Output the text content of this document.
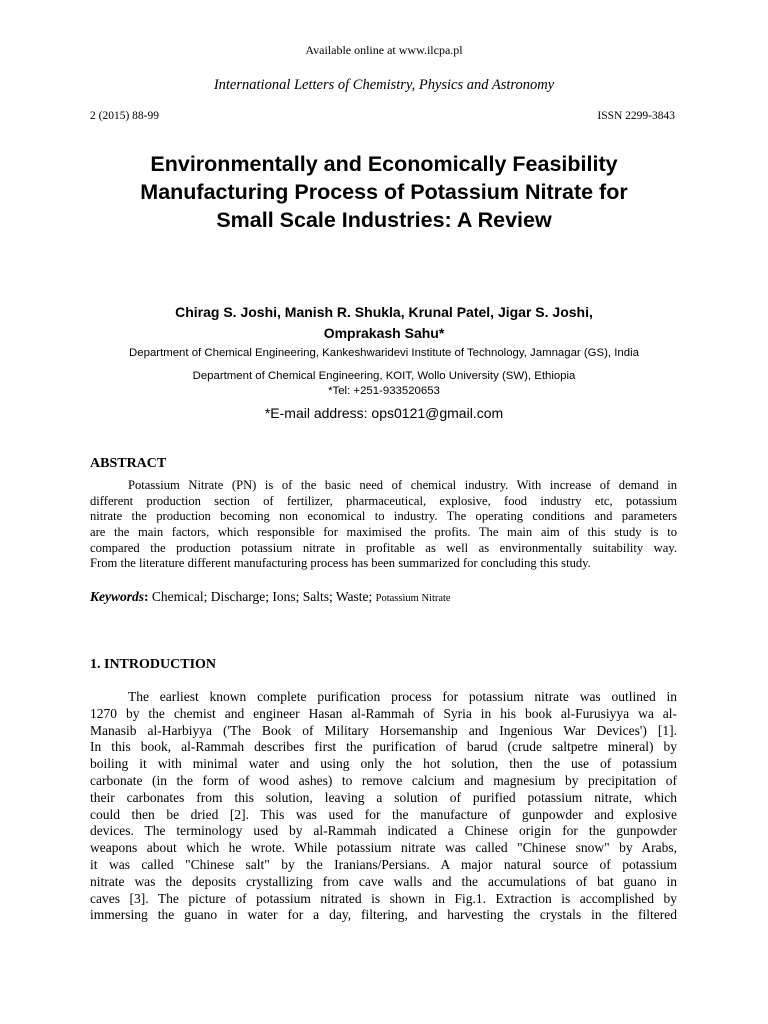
Available online at www.ilcpa.pl
International Letters of Chemistry, Physics and Astronomy
2 (2015) 88-99	ISSN 2299-3843
Environmentally and Economically Feasibility
Manufacturing Process of Potassium Nitrate for
Small Scale Industries: A Review
Chirag S. Joshi, Manish R. Shukla, Krunal Patel, Jigar S. Joshi,
Omprakash Sahu*
Department of Chemical Engineering, Kankeshwaridevi Institute of Technology, Jamnagar (GS), India
Department of Chemical Engineering, KOIT, Wollo University (SW), Ethiopia
*Tel: +251-933520653
*E-mail address: ops0121@gmail.com
ABSTRACT
Potassium Nitrate (PN) is of the basic need of chemical industry. With increase of demand in
different production section of fertilizer, pharmaceutical, explosive, food industry etc, potassium
nitrate the production becoming non economical to industry. The operating conditions and parameters
are the main factors, which responsible for maximised the profits. The main aim of this study is to
compared the production potassium nitrate in profitable as well as environmentally suitability way.
From the literature different manufacturing process has been summarized for concluding this study.
Keywords: Chemical; Discharge; Ions; Salts; Waste; Potassium Nitrate
1. INTRODUCTION
The earliest known complete purification process for potassium nitrate was outlined in
1270 by the chemist and engineer Hasan al-Rammah of Syria in his book al-Furusiyya wa al-
Manasib al-Harbiyya ('The Book of Military Horsemanship and Ingenious War Devices') [1].
In this book, al-Rammah describes first the purification of barud (crude saltpetre mineral) by
boiling it with minimal water and using only the hot solution, then the use of potassium
carbonate (in the form of wood ashes) to remove calcium and magnesium by precipitation of
their carbonates from this solution, leaving a solution of purified potassium nitrate, which
could then be dried [2]. This was used for the manufacture of gunpowder and explosive
devices. The terminology used by al-Rammah indicated a Chinese origin for the gunpowder
weapons about which he wrote. While potassium nitrate was called "Chinese snow" by Arabs,
it was called "Chinese salt" by the Iranians/Persians. A major natural source of potassium
nitrate was the deposits crystallizing from cave walls and the accumulations of bat guano in
caves [3]. The picture of potassium nitrated is shown in Fig.1. Extraction is accomplished by
immersing the guano in water for a day, filtering, and harvesting the crystals in the filtered
